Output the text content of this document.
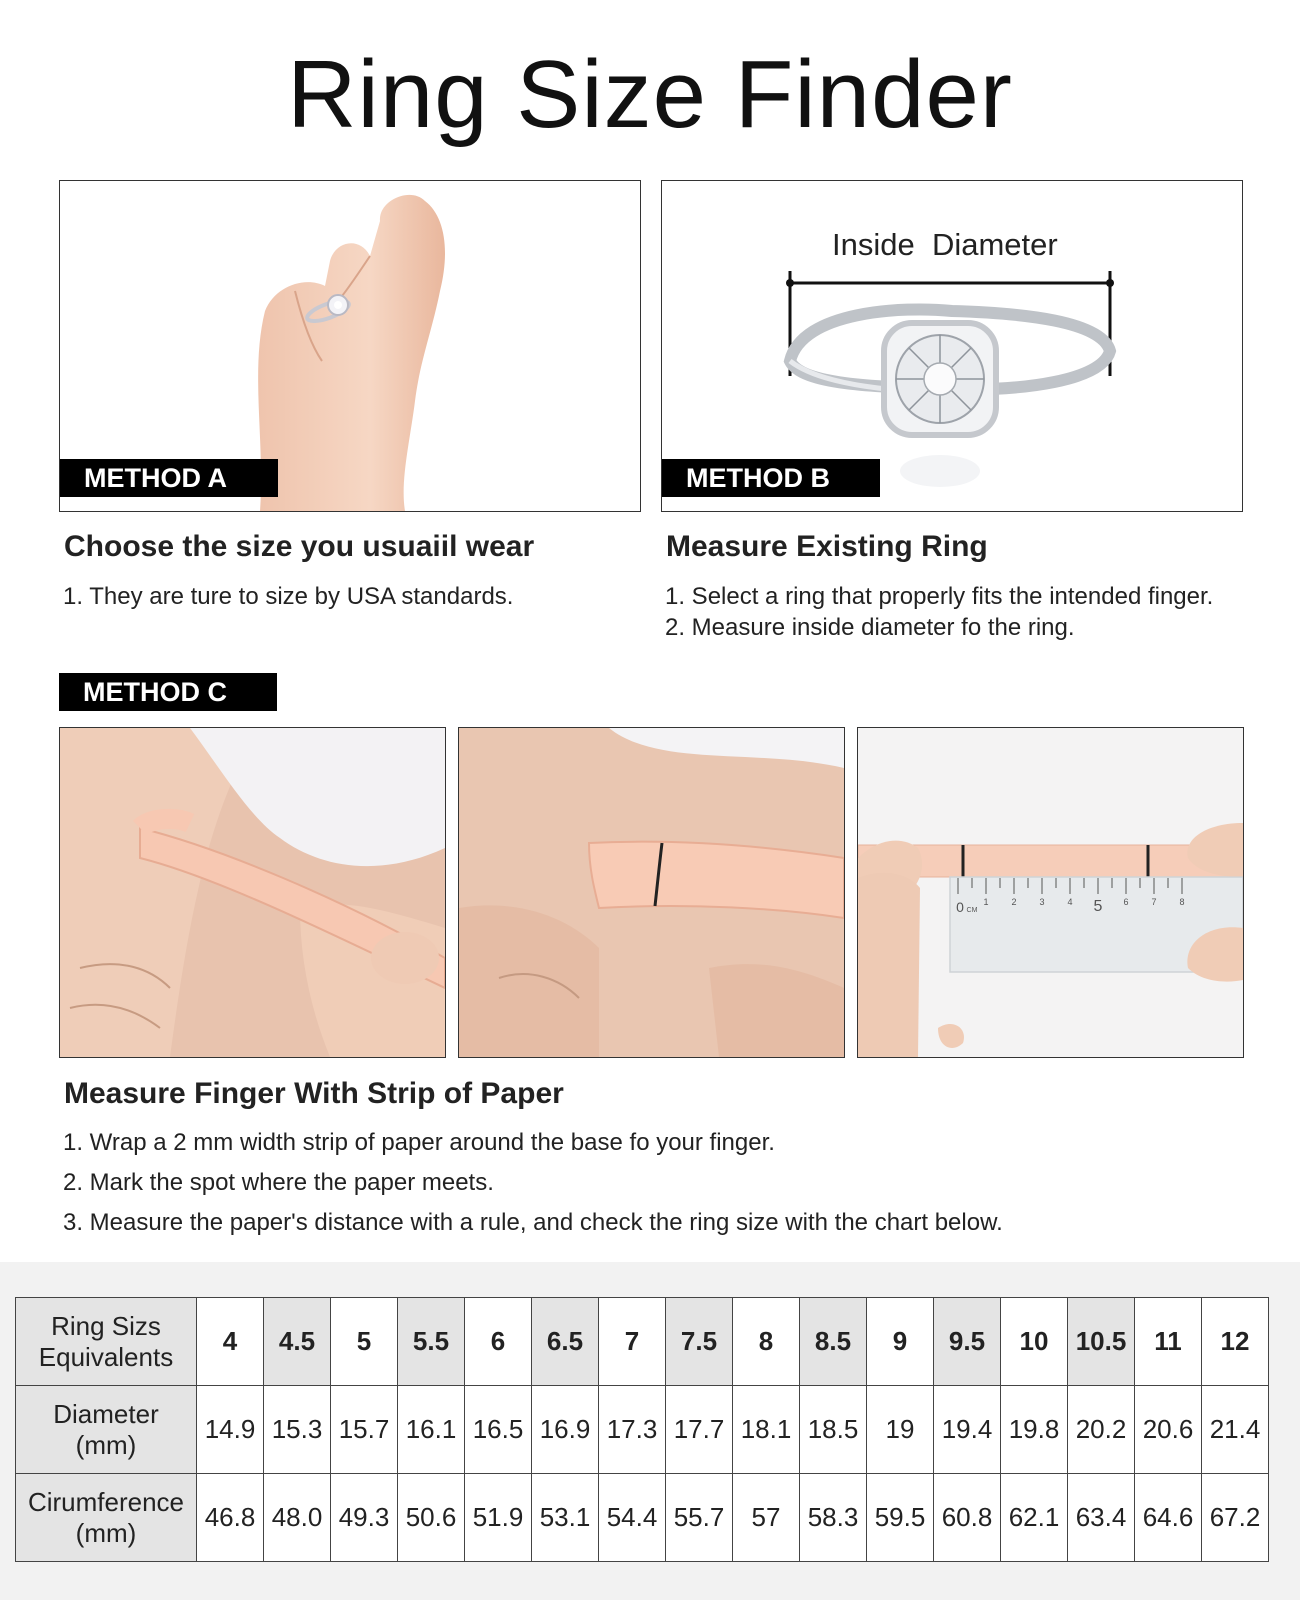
Ring Size Finder
METHOD A
Inside  Diameter
METHOD B
Choose the size you usuaiil wear
1. They are ture to size by USA standards.
Measure Existing Ring
1. Select a ring that properly fits the intended finger.
2. Measure inside diameter fo the ring.
METHOD C
0 CM
1	2	3	4 5 6	7	8
Measure Finger With Strip of Paper
1. Wrap a 2 mm width strip of paper around the base fo your finger.
2. Mark the spot where the paper meets.
3. Measure the paper's distance with a rule, and check the ring size with the chart below.
Ring Sizs
Equivalents	4	4.5	5	5.5	6	6.5	7	7.5	8	8.5	9	9.5	10	10.5	11	12

Diameter
(mm)	14.9	15.3	15.7	16.1	16.5	16.9	17.3	17.7	18.1	18.5	19	19.4	19.8	20.2	20.6	21.4

Cirumference
(mm)	46.8	48.0	49.3	50.6	51.9	53.1	54.4	55.7	57	58.3	59.5	60.8	62.1	63.4	64.6	67.2
